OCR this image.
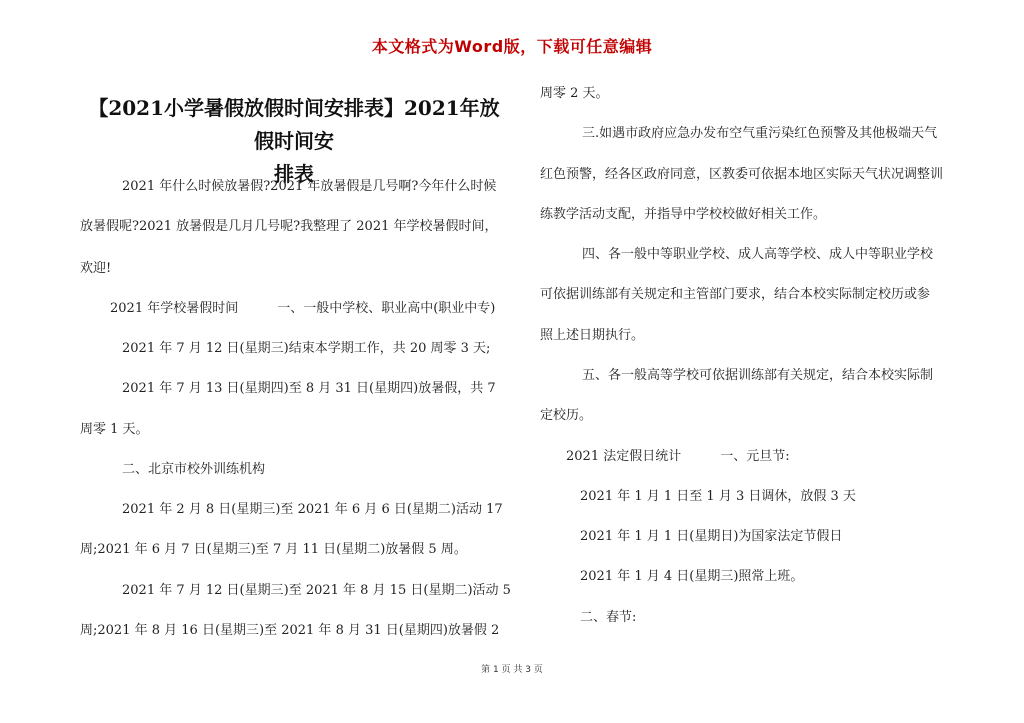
本文格式为Word版，下载可任意编辑
【2021小学暑假放假时间安排表】2021年放假时间安
排表

2021 年什么时候放暑假?2021 年放暑假是几号啊?今年什么时候

放暑假呢?2021 放暑假是几月几号呢?我整理了 2021 年学校暑假时间，

欢迎!

2021 年学校暑假时间　　　一、一般中学校、职业高中(职业中专)

2021 年 7 月 12 日(星期三)结束本学期工作，共 20 周零 3 天;

2021 年 7 月 13 日(星期四)至 8 月 31 日(星期四)放暑假，共 7

周零 1 天。

二、北京市校外训练机构

2021 年 2 月 8 日(星期三)至 2021 年 6 月 6 日(星期二)活动 17

周;2021 年 6 月 7 日(星期三)至 7 月 11 日(星期二)放暑假 5 周。

2021 年 7 月 12 日(星期三)至 2021 年 8 月 15 日(星期二)活动 5

周;2021 年 8 月 16 日(星期三)至 2021 年 8 月 31 日(星期四)放暑假 2

周零 2 天。

三.如遇市政府应急办发布空气重污染红色预警及其他极端天气

红色预警，经各区政府同意，区教委可依据本地区实际天气状况调整训

练教学活动支配，并指导中学校校做好相关工作。

四、各一般中等职业学校、成人高等学校、成人中等职业学校

可依据训练部有关规定和主管部门要求，结合本校实际制定校历或参

照上述日期执行。

五、各一般高等学校可依据训练部有关规定，结合本校实际制

定校历。

2021 法定假日统计　　　一、元旦节:

2021 年 1 月 1 日至 1 月 3 日调休，放假 3 天

2021 年 1 月 1 日(星期日)为国家法定节假日

2021 年 1 月 4 日(星期三)照常上班。

二、春节:

第 1 页 共 3 页
